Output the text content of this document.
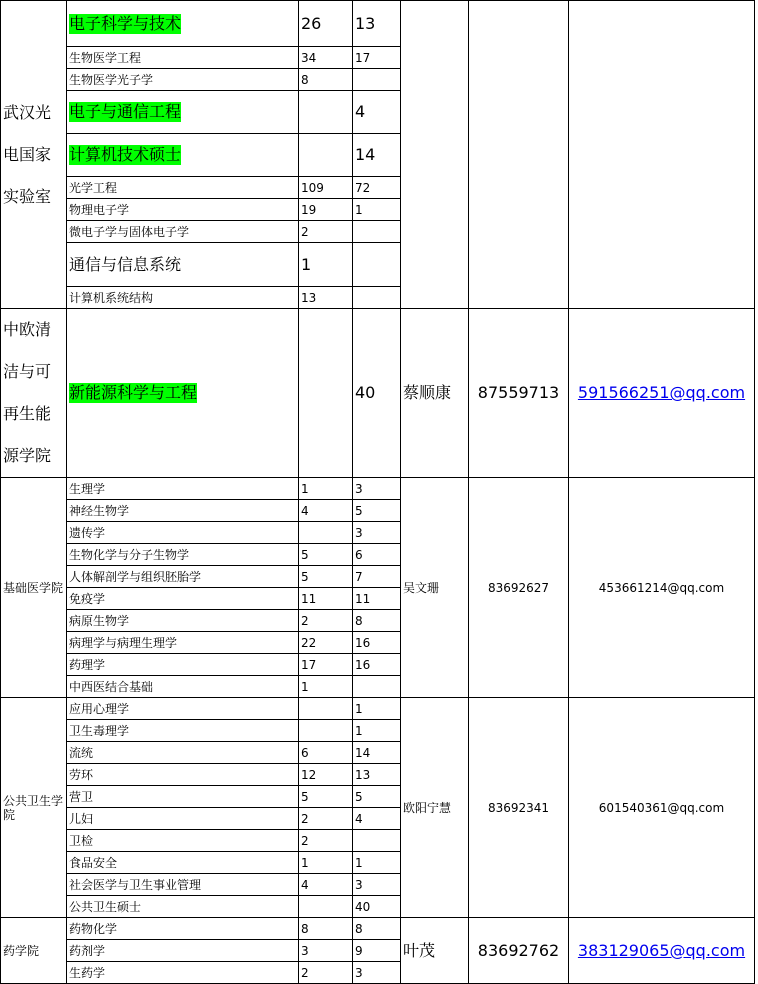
武汉光电国家实验室	电子科学与技术	26	13			
	生物医学工程	34	17			
	生物医学光子学	8				
	电子与通信工程		4			
	计算机技术硕士		14			
	光学工程	109	72			
	物理电子学	19	1			
	微电子学与固体电子学	2				
	通信与信息系统	1				
	计算机系统结构	13				
中欧清洁与可再生能源学院	新能源科学与工程		40	蔡顺康	87559713	591566251@qq.com
基础医学院	生理学	1	3	吴文珊	83692627	453661214@qq.com
	神经生物学	4	5			
	遗传学		3			
	生物化学与分子生物学	5	6			
	人体解剖学与组织胚胎学	5	7			
	免疫学	11	11			
	病原生物学	2	8			
	病理学与病理生理学	22	16			
	药理学	17	16			
	中西医结合基础	1				
公共卫生学院	应用心理学		1	欧阳宁慧	83692341	601540361@qq.com
	卫生毒理学		1			
	流统	6	14			
	劳环	12	13			
	营卫	5	5			
	儿妇	2	4			
	卫检	2				
	食品安全	1	1			
	社会医学与卫生事业管理	4	3			
	公共卫生硕士		40			
药学院	药物化学	8	8	叶茂	83692762	383129065@qq.com
	药剂学	3	9			
	生药学	2	3			
